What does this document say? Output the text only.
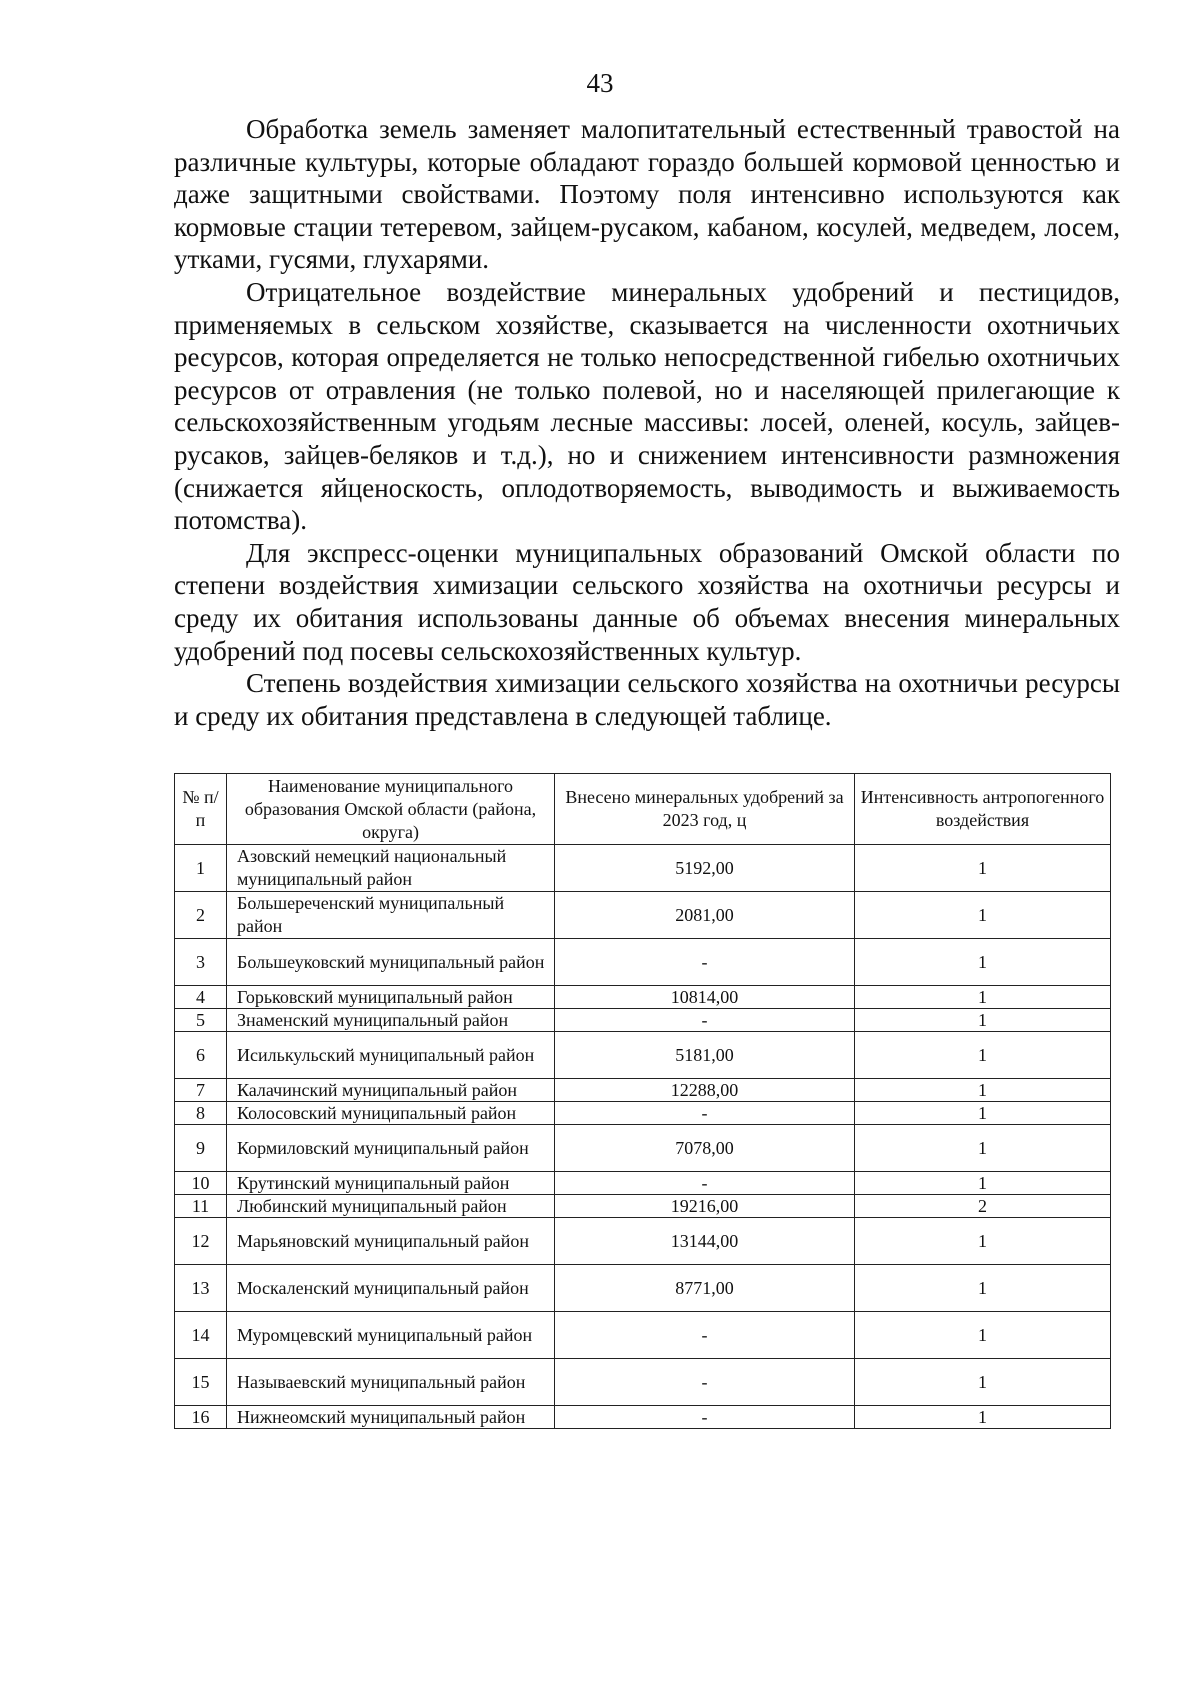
43

Обработка земель заменяет малопитательный естественный травостой на различные культуры, которые обладают гораздо большей кормовой ценностью и даже защитными свойствами. Поэтому поля интенсивно используются как кормовые стации тетеревом, зайцем-русаком, кабаном, косулей, медведем, лосем, утками, гусями, глухарями.

Отрицательное воздействие минеральных удобрений и пестицидов, применяемых в сельском хозяйстве, сказывается на численности охотничьих ресурсов, которая определяется не только непосредственной гибелью охотничьих ресурсов от отравления (не только полевой, но и населяющей прилегающие к сельскохозяйственным угодьям лесные массивы: лосей, оленей, косуль, зайцев-русаков, зайцев-беляков и т.д.), но и снижением интенсивности размножения (снижается яйценоскость, оплодотворяемость, выводимость и выживаемость потомства).

Для экспресс-оценки муниципальных образований Омской области по степени воздействия химизации сельского хозяйства на охотничьи ресурсы и среду их обитания использованы данные об объемах внесения минеральных удобрений под посевы сельскохозяйственных культур.

Степень воздействия химизации сельского хозяйства на охотничьи ресурсы и среду их обитания представлена в следующей таблице.

№ п/п	Наименование муниципального образования Омской области (района, округа)	Внесено минеральных удобрений за 2023 год, ц	Интенсивность антропогенного воздействия
1	Азовский немецкий национальный муниципальный район	5192,00	1
2	Большереченский муниципальный район	2081,00	1
3	Большеуковский муниципальный район	-	1
4	Горьковский муниципальный район	10814,00	1
5	Знаменский муниципальный район	-	1
6	Исилькульский муниципальный район	5181,00	1
7	Калачинский муниципальный район	12288,00	1
8	Колосовский муниципальный район	-	1
9	Кормиловский муниципальный район	7078,00	1
10	Крутинский муниципальный район	-	1
11	Любинский муниципальный район	19216,00	2
12	Марьяновский муниципальный район	13144,00	1
13	Москаленский муниципальный район	8771,00	1
14	Муромцевский муниципальный район	-	1
15	Называевский муниципальный район	-	1
16	Нижнеомский муниципальный район	-	1
